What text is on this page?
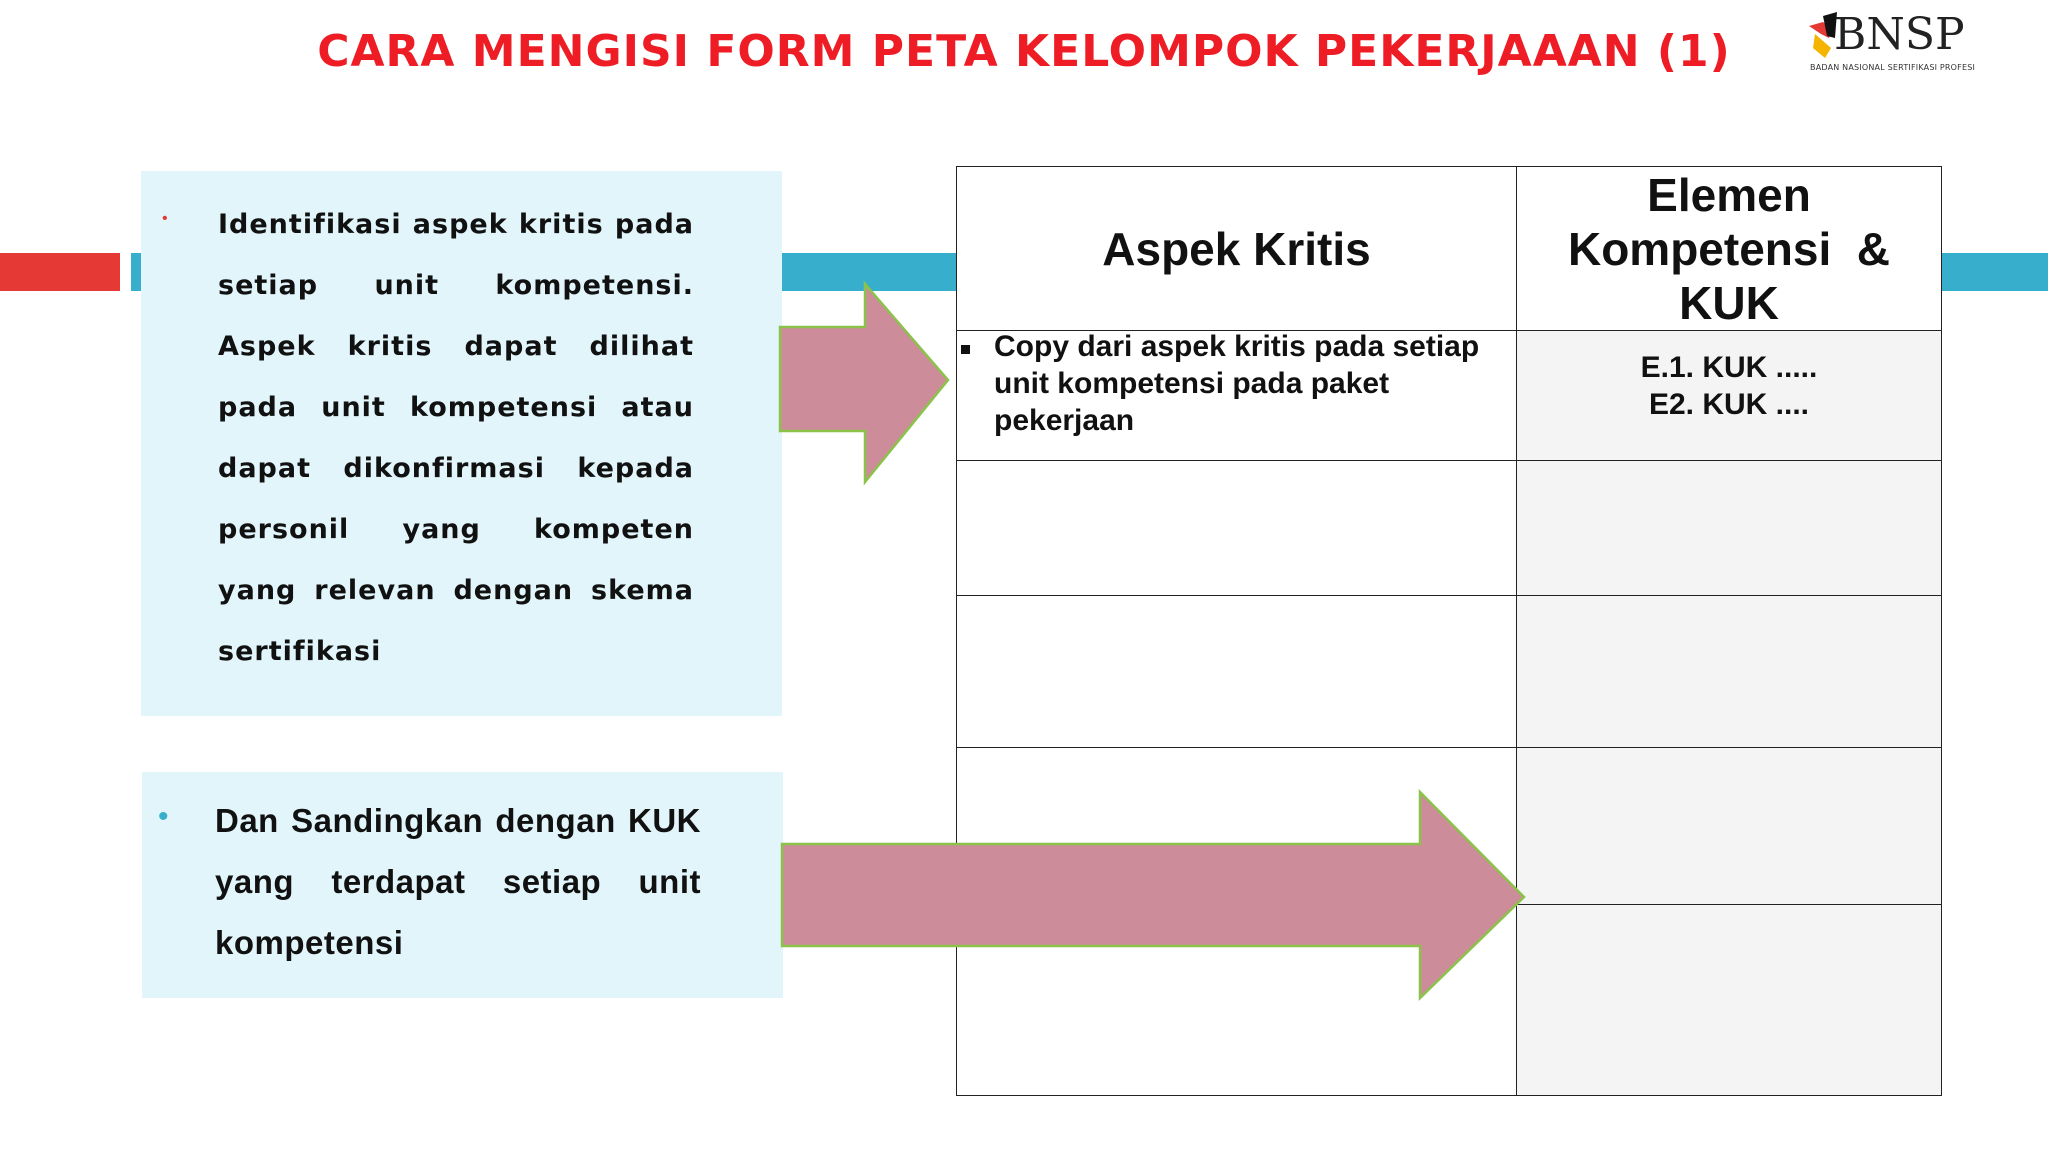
CARA MENGISI FORM PETA KELOMPOK PEKERJAAAN (1)	BNSP
BADAN NASIONAL SERTIFIKASI PROFESI
• Identifikasi aspek kritis pada setiap unit kompetensi. Aspek kritis dapat dilihat pada unit kompetensi atau dapat dikonfirmasi kepada personil yang kompeten yang relevan dengan skema sertifikasi
• Dan Sandingkan dengan KUK yang terdapat setiap unit kompetensi
Aspek Kritis	Elemen
Kompetensi  &
KUK

Copy dari aspek kritis pada setiap unit kompetensi pada paket pekerjaan	E.1. KUK .....
E2. KUK ....
